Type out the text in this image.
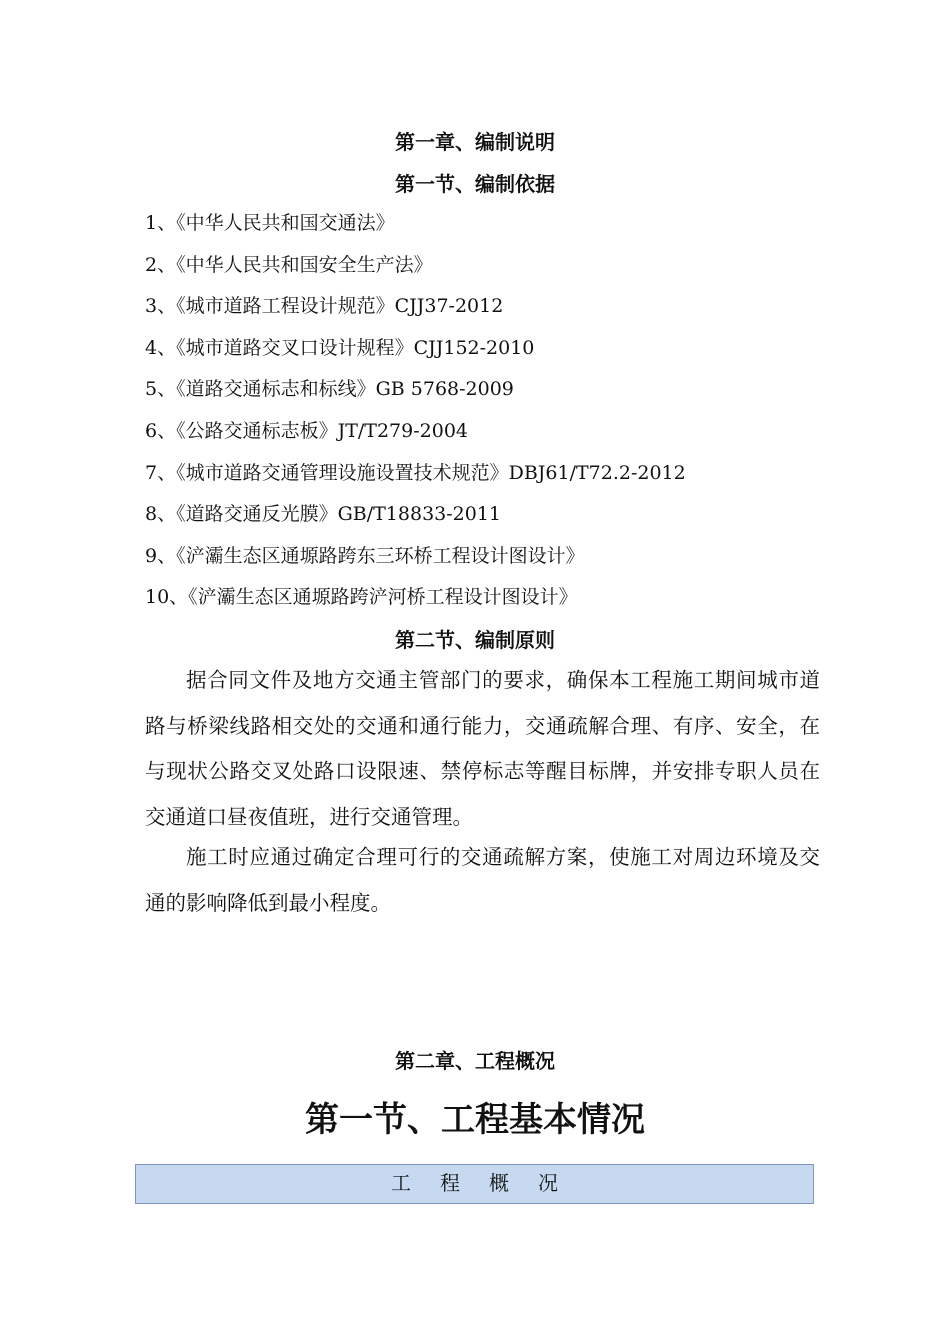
第一章、编制说明
第一节、编制依据
1、《中华人民共和国交通法》
2、《中华人民共和国安全生产法》
3、《城市道路工程设计规范》CJJ37-2012
4、《城市道路交叉口设计规程》CJJ152-2010
5、《道路交通标志和标线》GB 5768-2009
6、《公路交通标志板》JT/T279-2004
7、《城市道路交通管理设施设置技术规范》DBJ61/T72.2-2012
8、《道路交通反光膜》GB/T18833-2011
9、《浐灞生态区通塬路跨东三环桥工程设计图设计》
10、《浐灞生态区通塬路跨浐河桥工程设计图设计》
第二节、编制原则

据合同文件及地方交通主管部门的要求，确保本工程施工期间城市道路与桥梁线路相交处的交通和通行能力，交通疏解合理、有序、安全，在与现状公路交叉处路口设限速、禁停标志等醒目标牌，并安排专职人员在交通道口昼夜值班，进行交通管理。

施工时应通过确定合理可行的交通疏解方案，使施工对周边环境及交通的影响降低到最小程度。

第二章、工程概况
第一节、工程基本情况
工程概况
